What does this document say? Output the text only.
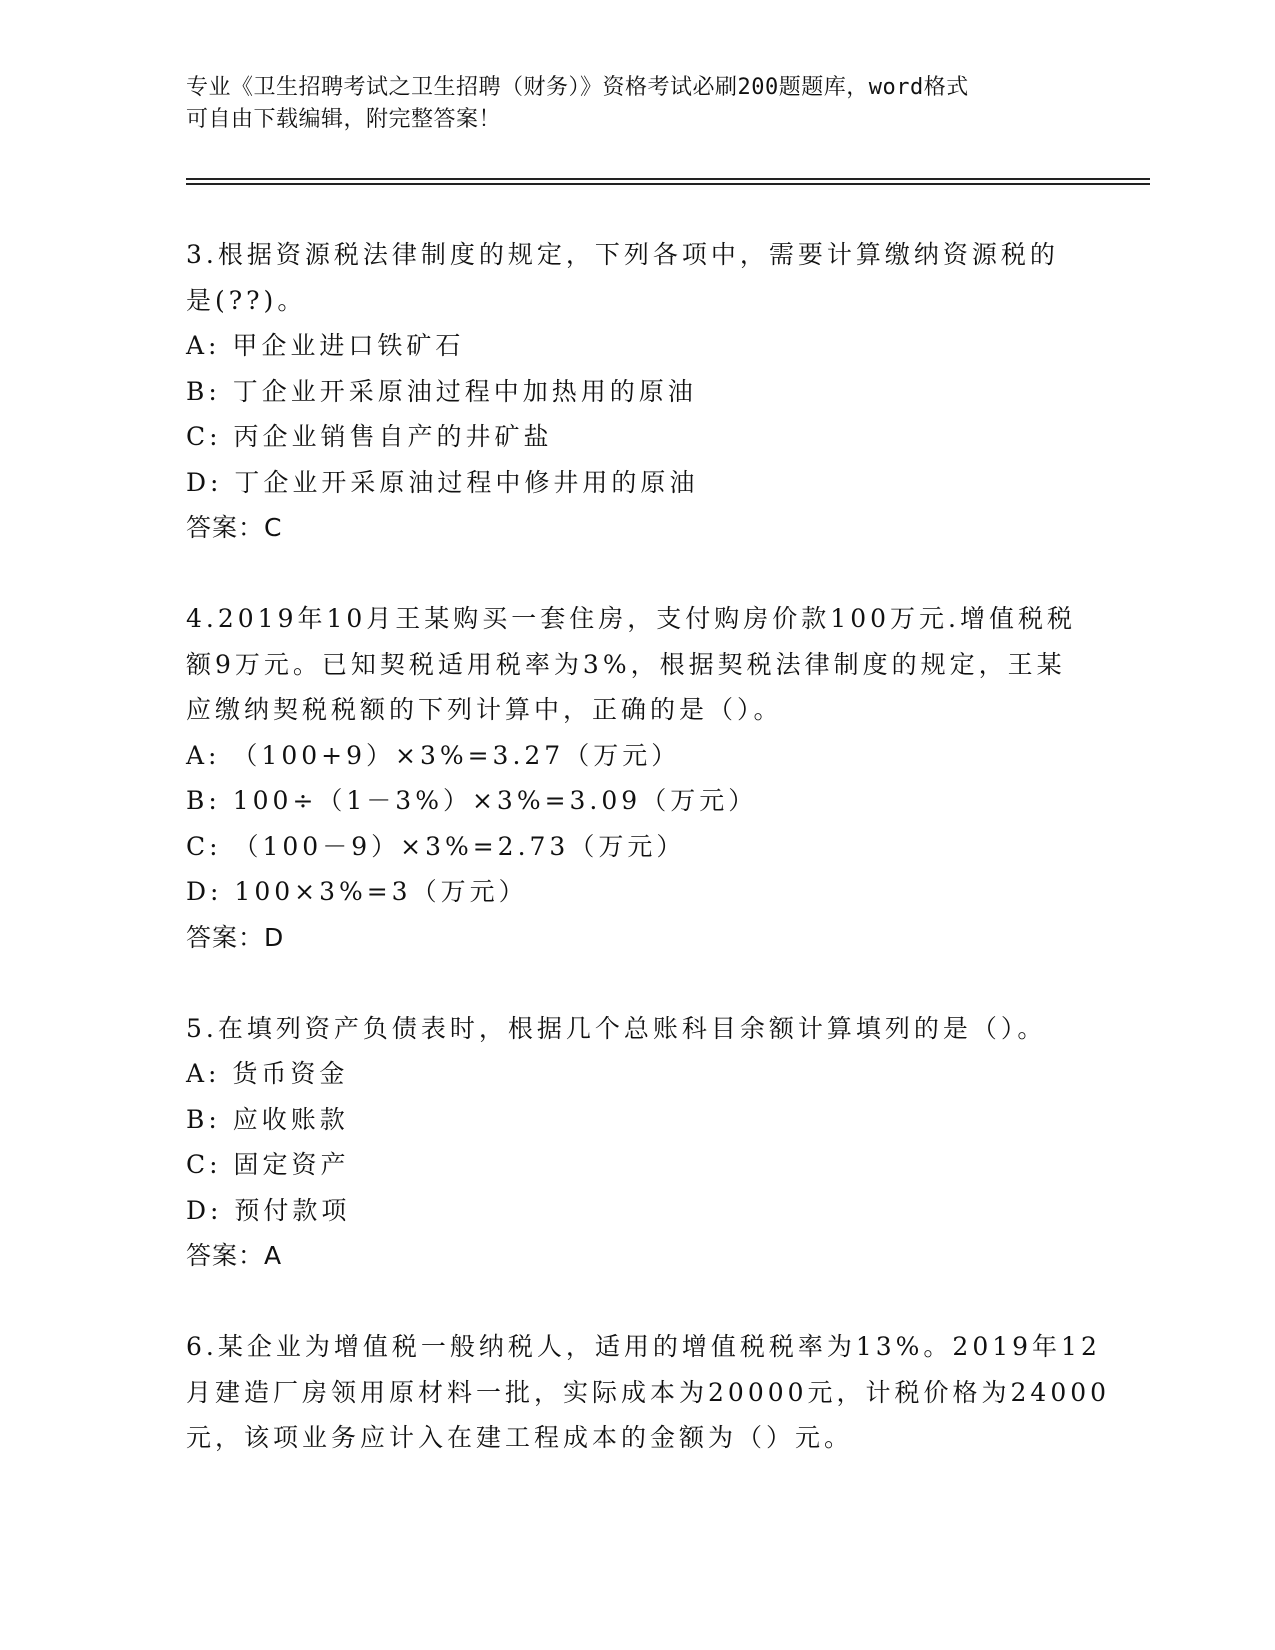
专业《卫生招聘考试之卫生招聘（财务）》资格考试必刷200题题库，word格式
可自由下载编辑，附完整答案！
3.根据资源税法律制度的规定，下列各项中，需要计算缴纳资源税的
是(??)。
A: 甲企业进口铁矿石
B: 丁企业开采原油过程中加热用的原油
C: 丙企业销售自产的井矿盐
D: 丁企业开采原油过程中修井用的原油
答案：C
4.2019年10月王某购买一套住房，支付购房价款100万元.增值税税
额9万元。已知契税适用税率为3%，根据契税法律制度的规定，王某
应缴纳契税税额的下列计算中，正确的是（）。
A: （100+9）×3%=3.27（万元）
B: 100÷（1－3%）×3%=3.09（万元）
C: （100－9）×3%=2.73（万元）
D: 100×3%=3（万元）
答案：D
5.在填列资产负债表时，根据几个总账科目余额计算填列的是（）。
A: 货币资金
B: 应收账款
C: 固定资产
D: 预付款项
答案：A
6.某企业为增值税一般纳税人，适用的增值税税率为13%。2019年12
月建造厂房领用原材料一批，实际成本为20000元，计税价格为24000
元，该项业务应计入在建工程成本的金额为（）元。
